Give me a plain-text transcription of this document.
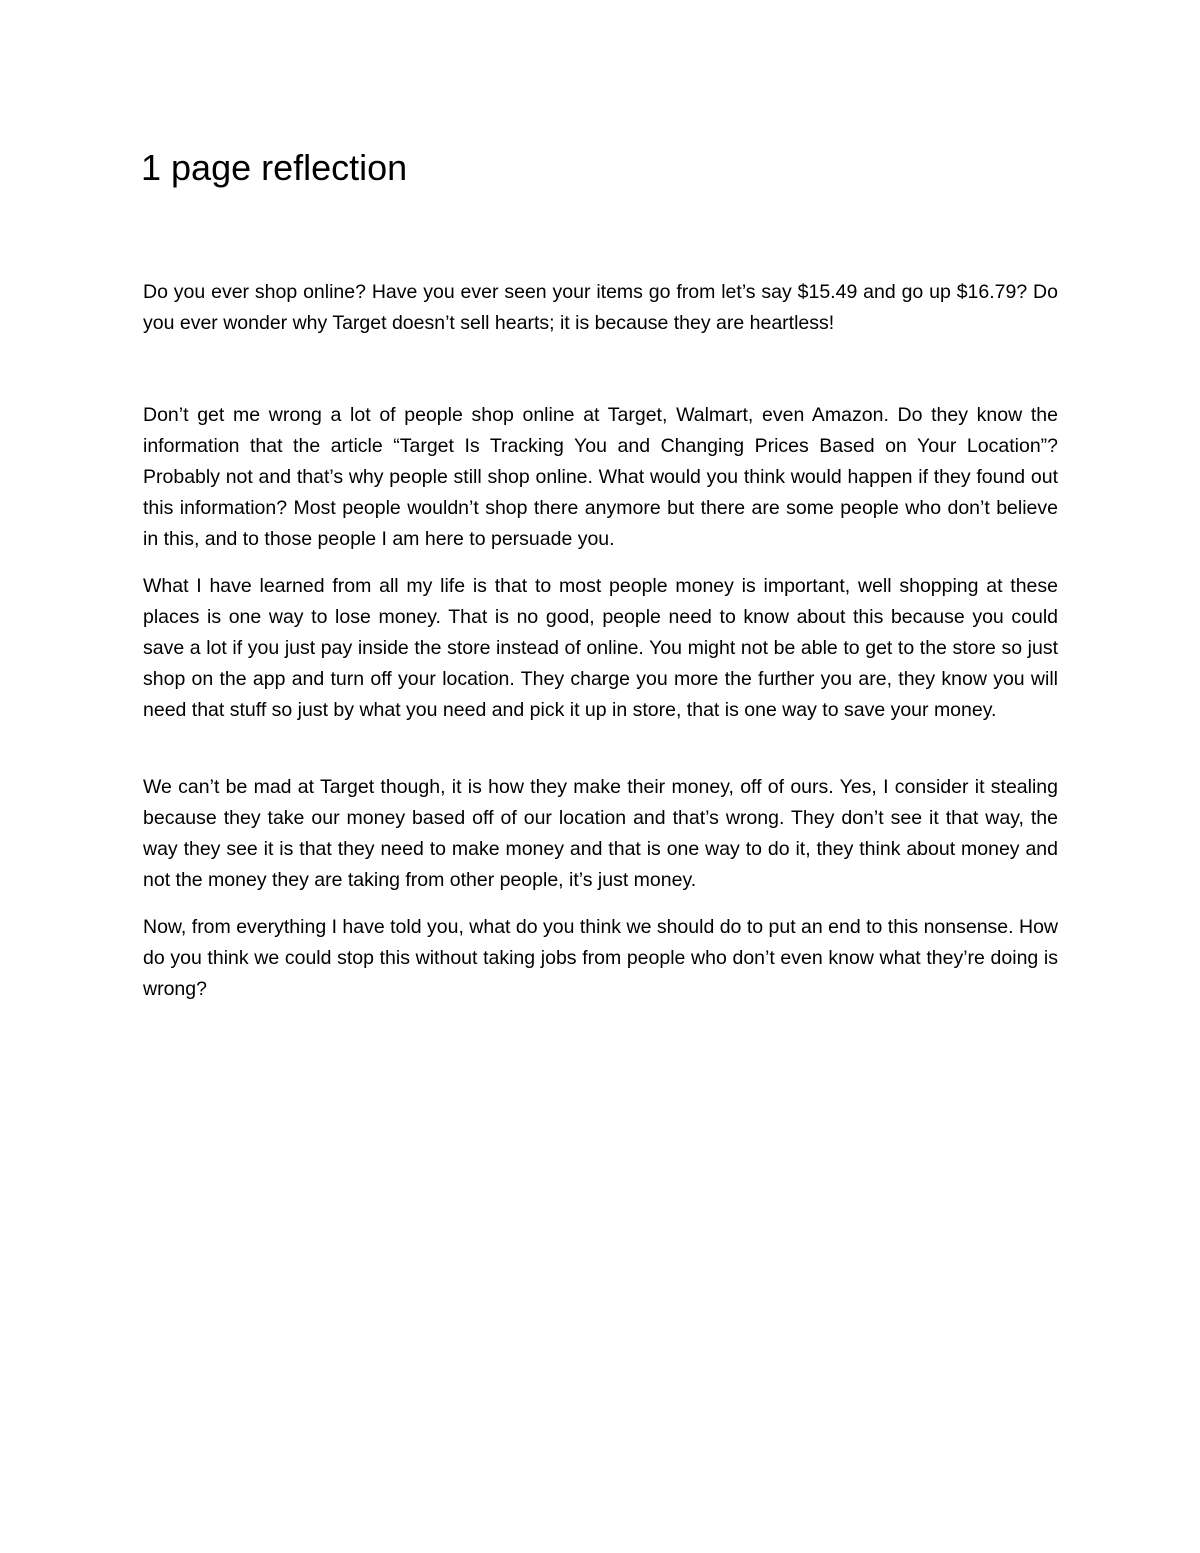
1 page reflection

Do you ever shop online? Have you ever seen your items go from let’s say $15.49 and go up $16.79? Do you ever wonder why Target doesn’t sell hearts; it is because they are heartless!

Don’t get me wrong a lot of people shop online at Target, Walmart, even Amazon. Do they know the information that the article “Target Is Tracking You and Changing Prices Based on Your Location”? Probably not and that’s why people still shop online. What would you think would happen if they found out this information? Most people wouldn’t shop there anymore but there are some people who don’t believe in this, and to those people I am here to persuade you.

What I have learned from all my life is that to most people money is important, well shopping at these places is one way to lose money. That is no good, people need to know about this because you could save a lot if you just pay inside the store instead of online. You might not be able to get to the store so just shop on the app and turn off your location. They charge you more the further you are, they know you will need that stuff so just by what you need and pick it up in store, that is one way to save your money.

We can’t be mad at Target though, it is how they make their money, off of ours. Yes, I consider it stealing because they take our money based off of our location and that’s wrong. They don’t see it that way, the way they see it is that they need to make money and that is one way to do it, they think about money and not the money they are taking from other people, it’s just money.

Now, from everything I have told you, what do you think we should do to put an end to this nonsense. How do you think we could stop this without taking jobs from people who don’t even know what they’re doing is wrong?
